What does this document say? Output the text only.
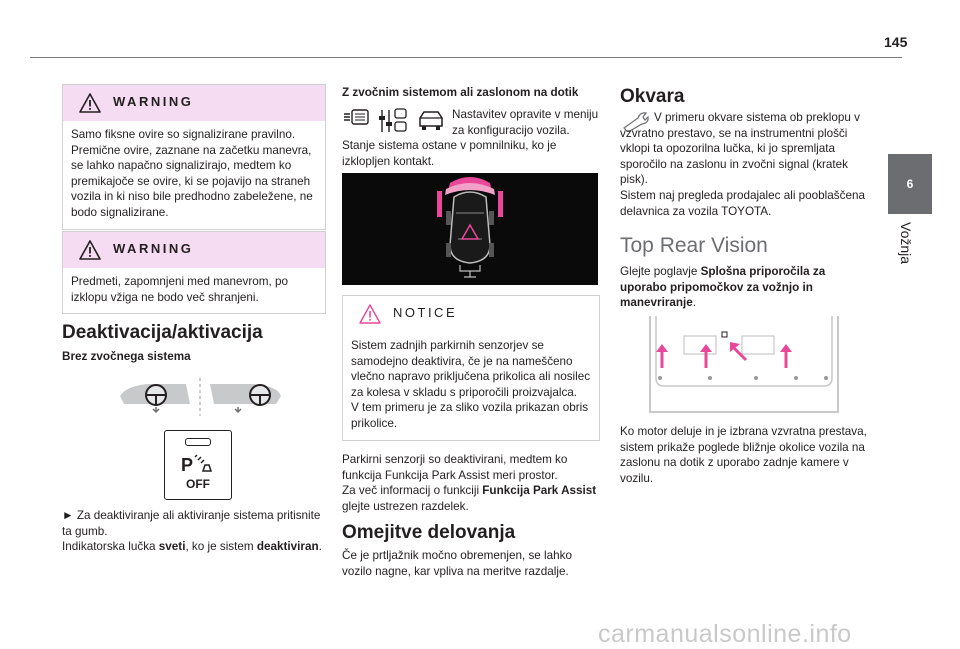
145
6
Vožnja
WARNING
Samo fiksne ovire so signalizirane pravilno. Premične ovire, zaznane na začetku manevra, se lahko napačno signalizirajo, medtem ko premikajoče se ovire, ki se pojavijo na straneh vozila in ki niso bile predhodno zabeležene, ne bodo signalizirane.
WARNING
Predmeti, zapomnjeni med manevrom, po izklopu vžiga ne bodo več shranjeni.
Deaktivacija/aktivacija
Brez zvočnega sistema
P
OFF
► Za deaktiviranje ali aktiviranje sistema pritisnite ta gumb.
Indikatorska lučka sveti, ko je sistem deaktiviran.
Z zvočnim sistemom ali zaslonom na dotik
Nastavitev opravite v meniju za konfiguracijo vozila.
Stanje sistema ostane v pomnilniku, ko je izklopljen kontakt.
NOTICE
Sistem zadnjih parkirnih senzorjev se samodejno deaktivira, če je na nameščeno vlečno napravo priključena prikolica ali nosilec za kolesa v skladu s priporočili proizvajalca.
V tem primeru je za sliko vozila prikazan obris prikolice.
Parkirni senzorji so deaktivirani, medtem ko funkcija Funkcija Park Assist meri prostor.
Za več informacij o funkciji Funkcija Park Assist glejte ustrezen razdelek.
Omejitve delovanja
Če je prtljažnik močno obremenjen, se lahko vozilo nagne, kar vpliva na meritve razdalje.
Okvara
V primeru okvare sistema ob preklopu v vzvratno prestavo, se na instrumentni plošči vklopi ta opozorilna lučka, ki jo spremljata sporočilo na zaslonu in zvočni signal (kratek pisk).
Sistem naj pregleda prodajalec ali pooblaščena delavnica za vozila TOYOTA.
Top Rear Vision
Glejte poglavje Splošna priporočila za uporabo pripomočkov za vožnjo in manevriranje.
Ko motor deluje in je izbrana vzvratna prestava, sistem prikaže poglede bližnje okolice vozila na zaslonu na dotik z uporabo zadnje kamere v vozilu.
carmanualsonline.info
